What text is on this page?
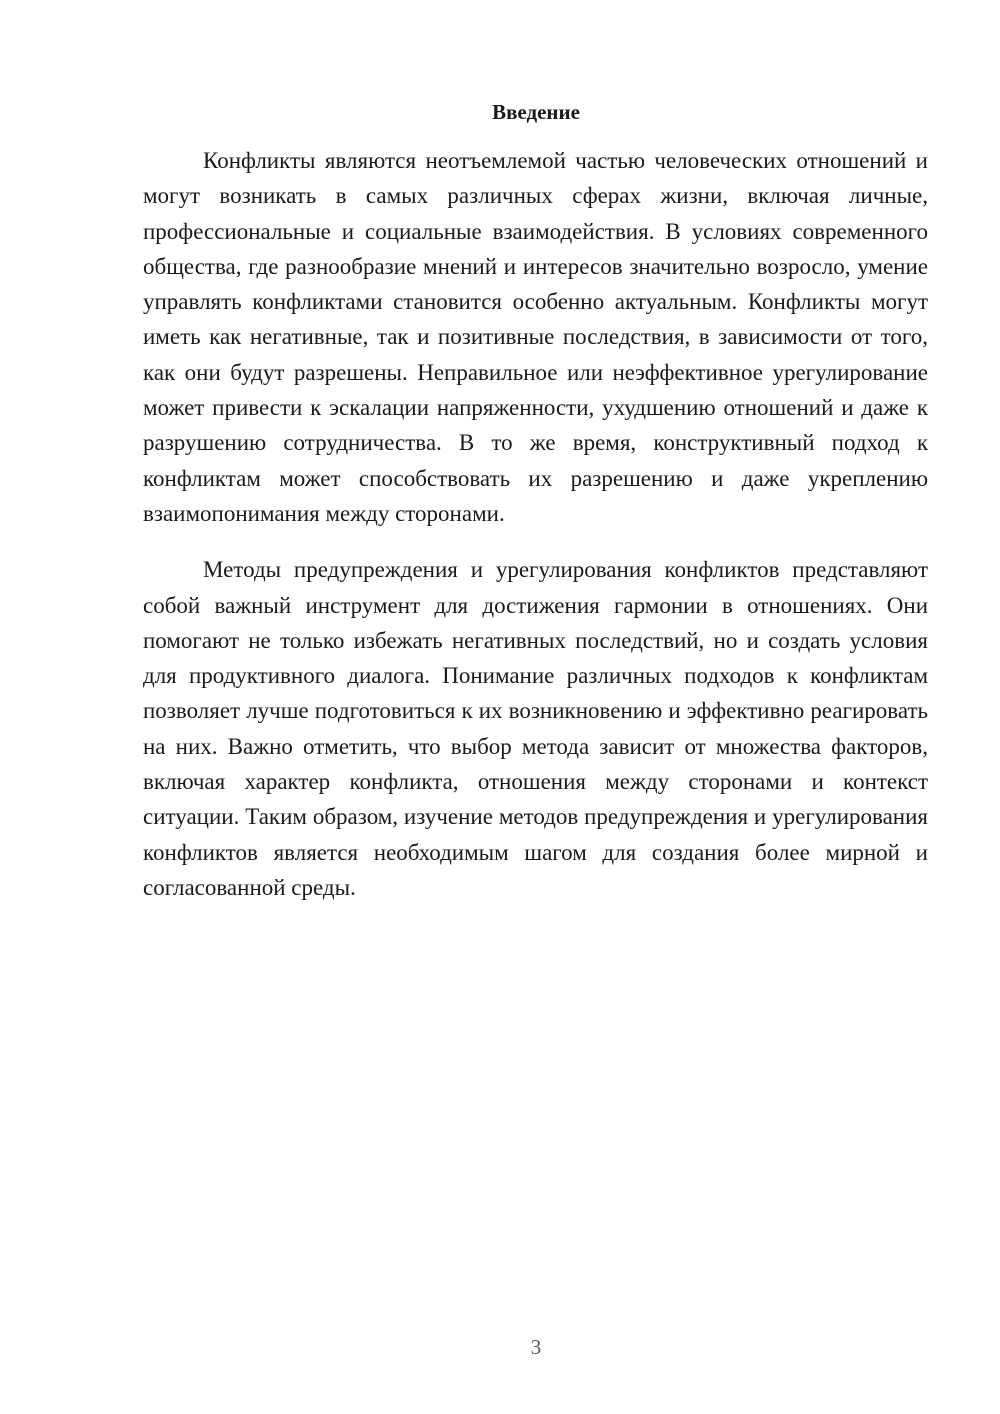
Введение

Конфликты являются неотъемлемой частью человеческих отношений и могут возникать в самых различных сферах жизни, включая личные, профессиональные и социальные взаимодействия. В условиях современного общества, где разнообразие мнений и интересов значительно возросло, умение управлять конфликтами становится особенно актуальным. Конфликты могут иметь как негативные, так и позитивные последствия, в зависимости от того, как они будут разрешены. Неправильное или неэффективное урегулирование может привести к эскалации напряженности, ухудшению отношений и даже к разрушению сотрудничества. В то же время, конструктивный подход к конфликтам может способствовать их разрешению и даже укреплению взаимопонимания между сторонами.

Методы предупреждения и урегулирования конфликтов представляют собой важный инструмент для достижения гармонии в отношениях. Они помогают не только избежать негативных последствий, но и создать условия для продуктивного диалога. Понимание различных подходов к конфликтам позволяет лучше подготовиться к их возникновению и эффективно реагировать на них. Важно отметить, что выбор метода зависит от множества факторов, включая характер конфликта, отношения между сторонами и контекст ситуации. Таким образом, изучение методов предупреждения и урегулирования конфликтов является необходимым шагом для создания более мирной и согласованной среды.

3
